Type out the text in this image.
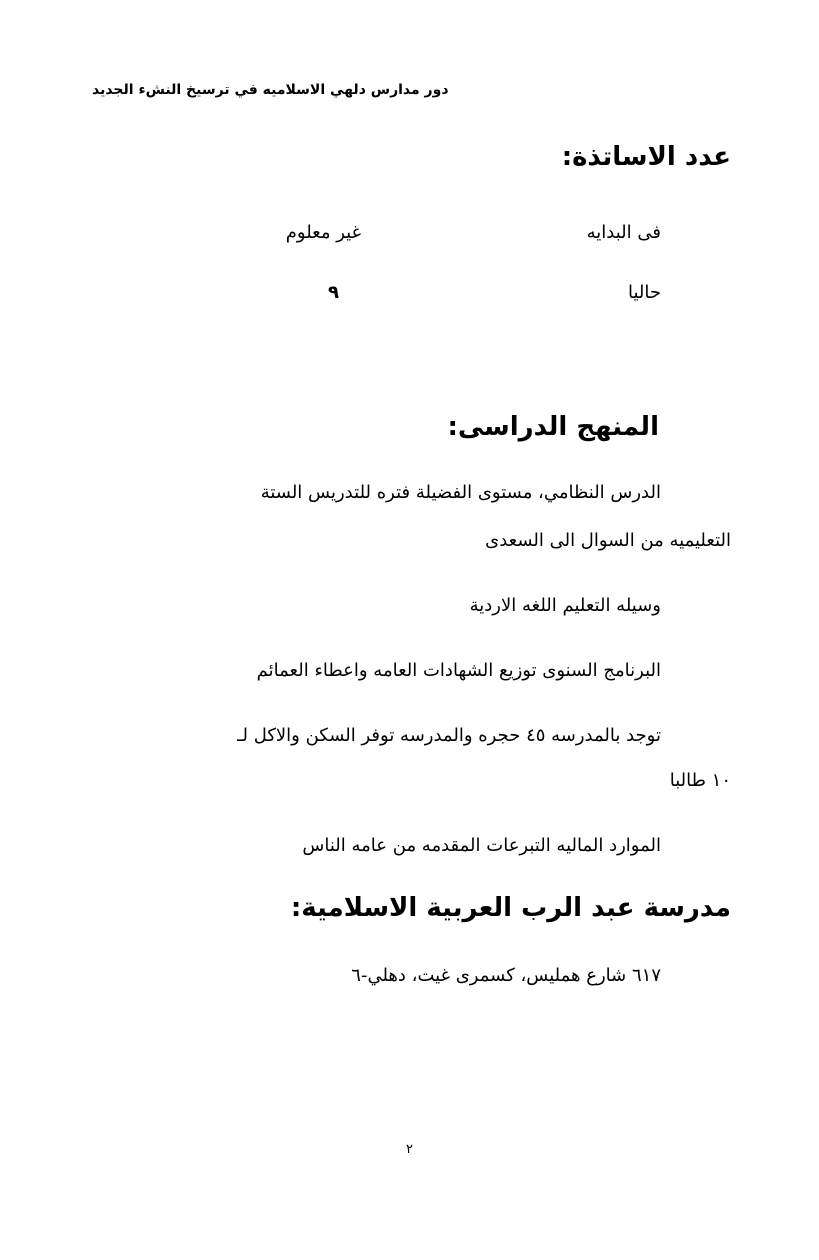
دور مدارس دلهي الاسلاميه في ترسيخ النشء الجديد
عدد الاساتذة:
فى البدايه
غير معلوم
حاليا
٩
المنهج الدراسى:
الدرس النظامي، مستوى الفضيلة فتره للتدريس الستة
التعليميه من السوال الى السعدى
وسيله التعليم اللغه الاردية
البرنامج السنوى توزيع الشهادات العامه واعطاء العمائم
توجد بالمدرسه ٤٥ حجره والمدرسه توفر السكن والاكل لـ
١٠ طالبا
الموارد الماليه التبرعات المقدمه من عامه الناس
مدرسة عبد الرب العربية الاسلامية:
٦١٧ شارع همليس، كسمرى غيت، دهلي-٦
٢
